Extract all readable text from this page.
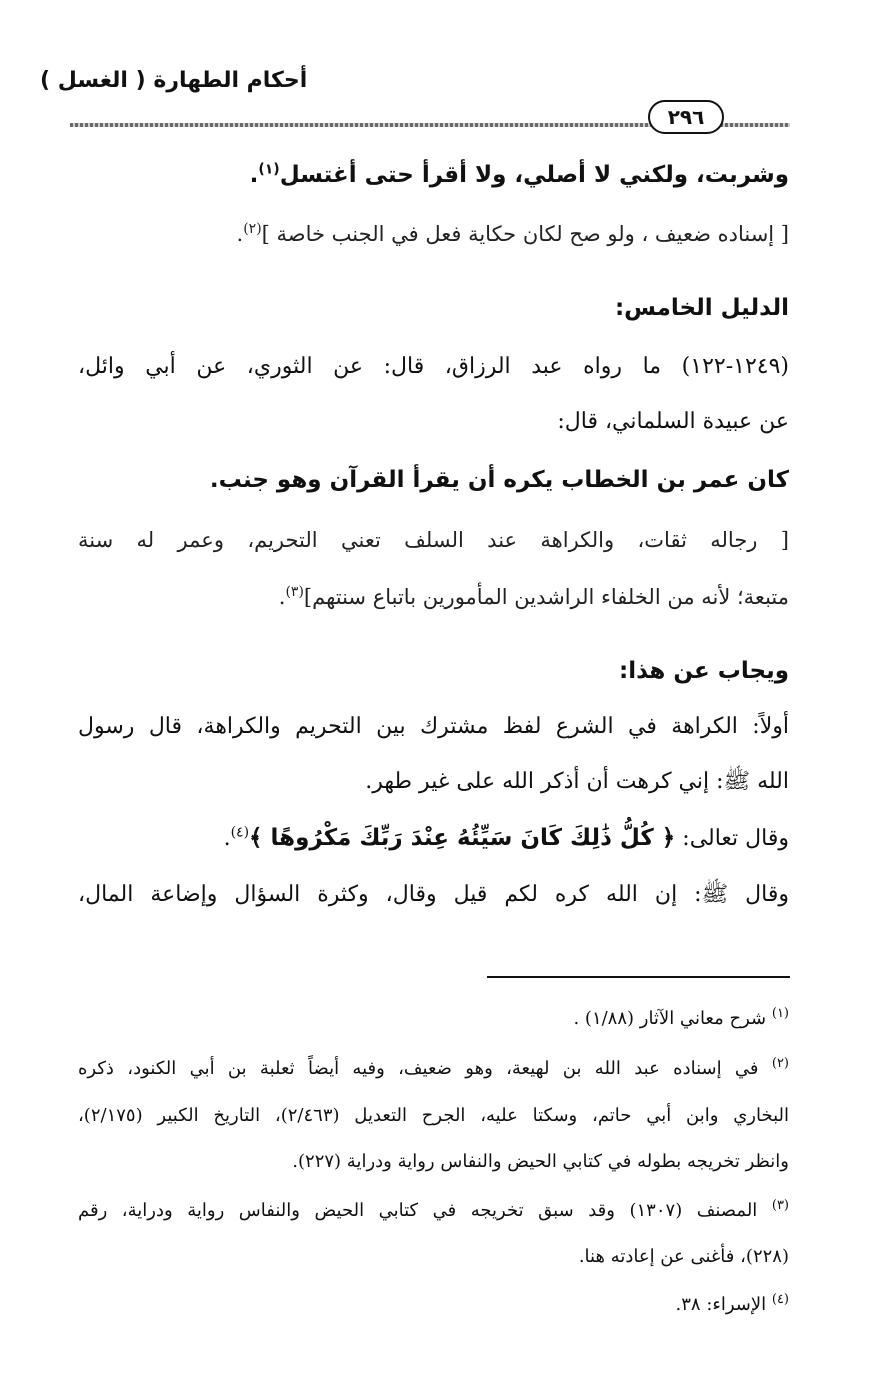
أحكام الطهارة ( الغسل )
٢٩٦
وشربت، ولكني لا أصلي، ولا أقرأ حتى أغتسل$^{(١)}$.
[ إسناده ضعيف ، ولو صح لكان حكاية فعل في الجنب خاصة ]$^{(٢)}$.
الدليل الخامس:
(١٢٤٩-١٢٢) ما رواه عبد الرزاق، قال: عن الثوري، عن أبي وائل،
عن عبيدة السلماني، قال:
كان عمر بن الخطاب يكره أن يقرأ القرآن وهو جنب.
[ رجاله ثقات، والكراهة عند السلف تعني التحريم، وعمر له سنة
متبعة؛ لأنه من الخلفاء الراشدين المأمورين باتباع سنتهم]$^{(٣)}$.
ويجاب عن هذا:
أولاً: الكراهة في الشرع لفظ مشترك بين التحريم والكراهة، قال رسول
الله ﷺ: إني كرهت أن أذكر الله على غير طهر.
وقال تعالى: ﴿ كُلُّ ذَٰلِكَ كَانَ سَيِّئُهُ عِنْدَ رَبِّكَ مَكْرُوهًا ﴾$^{(٤)}$.
وقال ﷺ: إن الله كره لكم قيل وقال، وكثرة السؤال وإضاعة المال،
$^{(١)}$ شرح معاني الآثار (١/٨٨) .
$^{(٢)}$ في إسناده عبد الله بن لهيعة، وهو ضعيف، وفيه أيضاً ثعلبة بن أبي الكنود، ذكره
البخاري وابن أبي حاتم، وسكتا عليه، الجرح التعديل (٢/٤٦٣)، التاريخ الكبير (٢/١٧٥)،
وانظر تخريجه بطوله في كتابي الحيض والنفاس رواية ودراية (٢٢٧).
$^{(٣)}$ المصنف (١٣٠٧) وقد سبق تخريجه في كتابي الحيض والنفاس رواية ودراية، رقم
(٢٢٨)، فأغنى عن إعادته هنا.
$^{(٤)}$ الإسراء: ٣٨.
